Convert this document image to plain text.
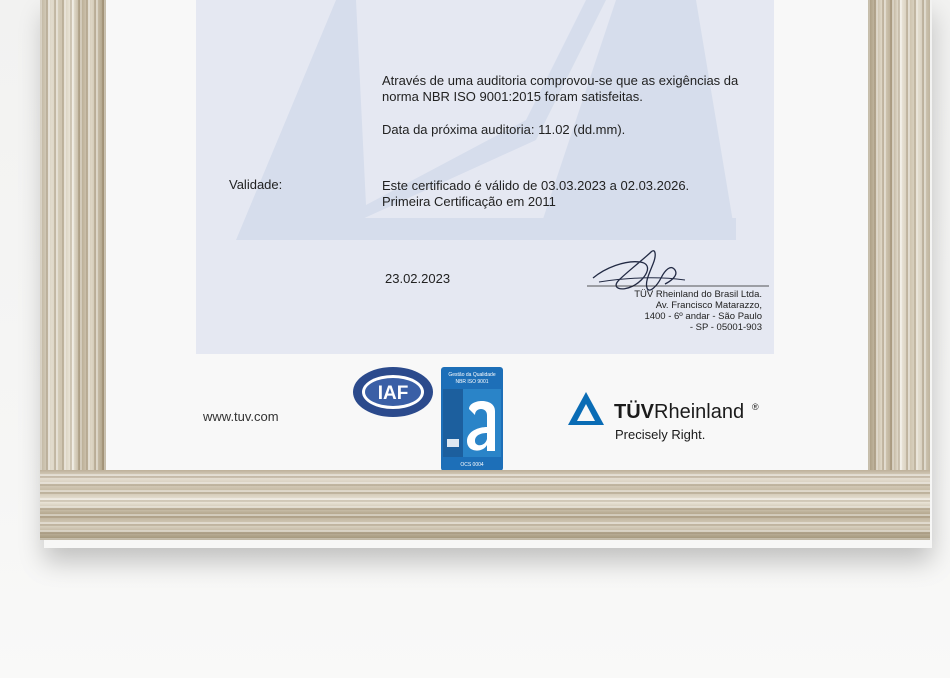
Através de uma auditoria comprovou-se que as exigências da
norma NBR ISO 9001:2015 foram satisfeitas.
Data da próxima auditoria: 11.02 (dd.mm).
Validade:	Este certificado é válido de 03.03.2023 a 02.03.2026.
Primeira Certificação em 2011
23.02.2023
TÜV Rheinland do Brasil Ltda.
Av. Francisco Matarazzo,
1400 - 6º andar - São Paulo
- SP - 05001-903
www.tuv.com
IAF
Gestão da Qualidade
NBR ISO 9001
OCS 0004
TÜVRheinland ®
Precisely Right.
